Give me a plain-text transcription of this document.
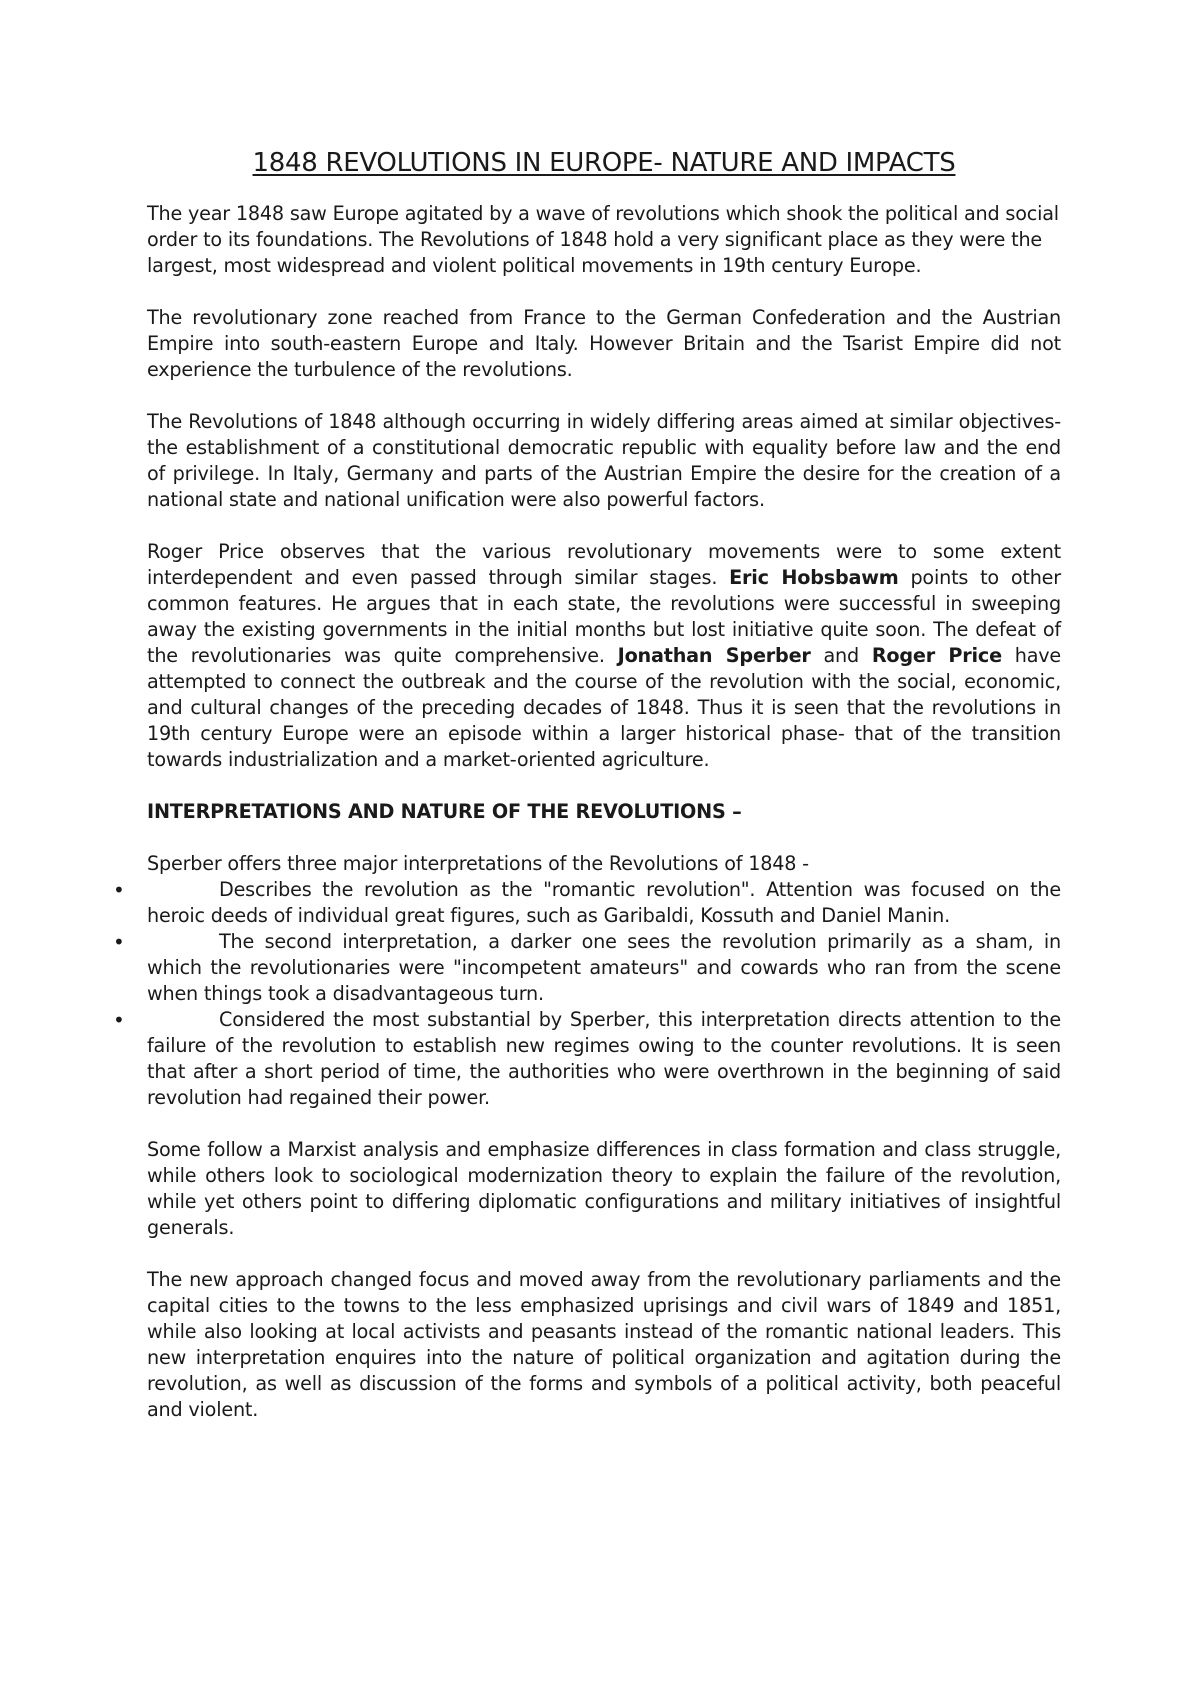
1848 REVOLUTIONS IN EUROPE- NATURE AND IMPACTS

The year 1848 saw Europe agitated by a wave of revolutions which shook the political and social order to its foundations. The Revolutions of 1848 hold a very significant place as they were the largest, most widespread and violent political movements in 19th century Europe.

The revolutionary zone reached from France to the German Confederation and the Austrian Empire into south-eastern Europe and Italy. However Britain and the Tsarist Empire did not experience the turbulence of the revolutions.

The Revolutions of 1848 although occurring in widely differing areas aimed at similar objectives- the establishment of a constitutional democratic republic with equality before law and the end of privilege. In Italy, Germany and parts of the Austrian Empire the desire for the creation of a national state and national unification were also powerful factors.

Roger Price observes that the various revolutionary movements were to some extent interdependent and even passed through similar stages. Eric Hobsbawm points to other common features. He argues that in each state, the revolutions were successful in sweeping away the existing governments in the initial months but lost initiative quite soon. The defeat of the revolutionaries was quite comprehensive. Jonathan Sperber and Roger Price have attempted to connect the outbreak and the course of the revolution with the social, economic, and cultural changes of the preceding decades of 1848. Thus it is seen that the revolutions in 19th century Europe were an episode within a larger historical phase- that of the transition towards industrialization and a market-oriented agriculture.

INTERPRETATIONS AND NATURE OF THE REVOLUTIONS –

Sperber offers three major interpretations of the Revolutions of 1848 -

•	Describes the revolution as the "romantic revolution". Attention was focused on the heroic deeds of individual great figures, such as Garibaldi, Kossuth and Daniel Manin.
•	The second interpretation, a darker one sees the revolution primarily as a sham, in which the revolutionaries were "incompetent amateurs" and cowards who ran from the scene when things took a disadvantageous turn.
•	Considered the most substantial by Sperber, this interpretation directs attention to the failure of the revolution to establish new regimes owing to the counter revolutions. It is seen that after a short period of time, the authorities who were overthrown in the beginning of said revolution had regained their power.

Some follow a Marxist analysis and emphasize differences in class formation and class struggle, while others look to sociological modernization theory to explain the failure of the revolution, while yet others point to differing diplomatic configurations and military initiatives of insightful generals.

The new approach changed focus and moved away from the revolutionary parliaments and the capital cities to the towns to the less emphasized uprisings and civil wars of 1849 and 1851, while also looking at local activists and peasants instead of the romantic national leaders. This new interpretation enquires into the nature of political organization and agitation during the revolution, as well as discussion of the forms and symbols of a political activity, both peaceful and violent.
